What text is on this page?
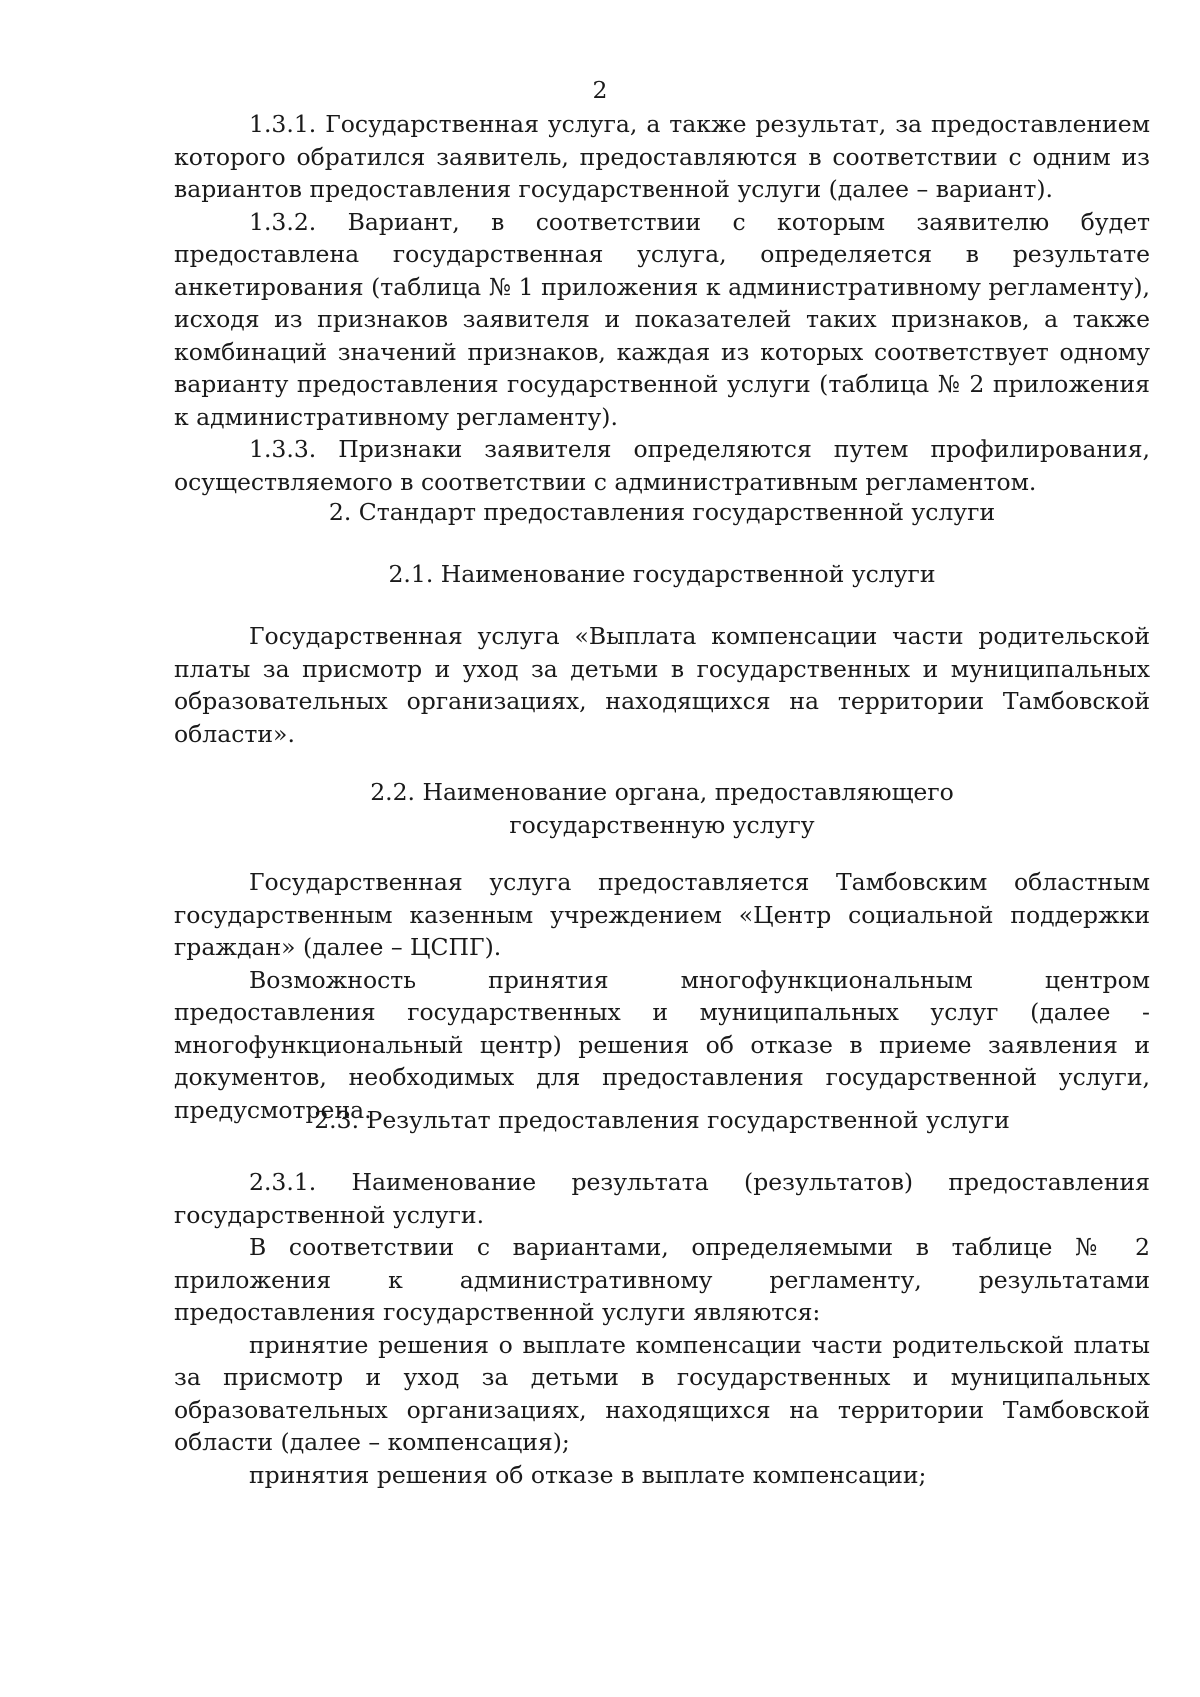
2

1.3.1. Государственная услуга, а также результат, за предоставлением которого обратился заявитель, предоставляются в соответствии с одним из вариантов предоставления государственной услуги (далее – вариант).

1.3.2. Вариант, в соответствии с которым заявителю будет предоставлена государственная услуга, определяется в результате анкетирования (таблица № 1 приложения к административному регламенту), исходя из признаков заявителя и показателей таких признаков, а также комбинаций значений признаков, каждая из которых соответствует одному варианту предоставления государственной услуги (таблица № 2 приложения к административному регламенту).

1.3.3. Признаки заявителя определяются путем профилирования, осуществляемого в соответствии с административным регламентом.

2. Стандарт предоставления государственной услуги
2.1. Наименование государственной услуги

Государственная услуга «Выплата компенсации части родительской платы за присмотр и уход за детьми в государственных и муниципальных образовательных организациях, находящихся на территории Тамбовской области».

2.2. Наименование органа, предоставляющего
государственную услугу

Государственная услуга предоставляется Тамбовским областным государственным казенным учреждением «Центр социальной поддержки граждан» (далее – ЦСПГ).

Возможность принятия многофункциональным центром предоставления государственных и муниципальных услуг (далее - многофункциональный центр) решения об отказе в приеме заявления и документов, необходимых для предоставления государственной услуги, предусмотрена.

2.3. Результат предоставления государственной услуги

2.3.1. Наименование результата (результатов) предоставления государственной услуги.

В соответствии с вариантами, определяемыми в таблице № 2 приложения к административному регламенту, результатами предоставления государственной услуги являются:

принятие решения о выплате компенсации части родительской платы за присмотр и уход за детьми в государственных и муниципальных образовательных организациях, находящихся на территории Тамбовской области (далее – компенсация);

принятия решения об отказе в выплате компенсации;
